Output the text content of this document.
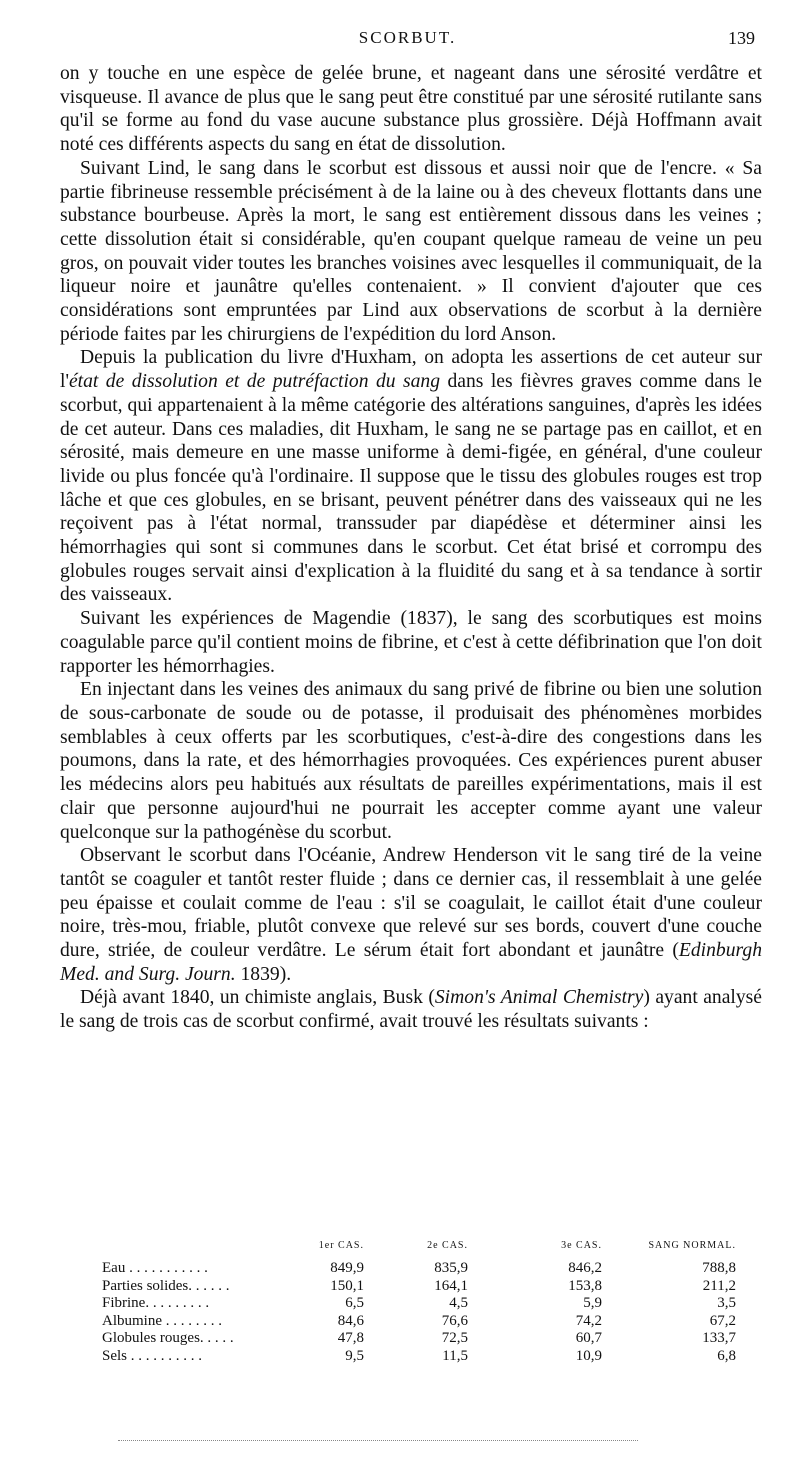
SCORBUT.	139

on y touche en une espèce de gelée brune, et nageant dans une sérosité verdâtre et visqueuse. Il avance de plus que le sang peut être constitué par une sérosité rutilante sans qu'il se forme au fond du vase aucune substance plus grossière. Déjà Hoffmann avait noté ces différents aspects du sang en état de dissolution.

Suivant Lind, le sang dans le scorbut est dissous et aussi noir que de l'encre. « Sa partie fibrineuse ressemble précisément à de la laine ou à des cheveux flottants dans une substance bourbeuse. Après la mort, le sang est entièrement dissous dans les veines ; cette dissolution était si considérable, qu'en coupant quelque rameau de veine un peu gros, on pouvait vider toutes les branches voisines avec lesquelles il communiquait, de la liqueur noire et jaunâtre qu'elles contenaient. » Il convient d'ajouter que ces considérations sont empruntées par Lind aux observations de scorbut à la dernière période faites par les chirurgiens de l'expédition du lord Anson.

Depuis la publication du livre d'Huxham, on adopta les assertions de cet auteur sur l'état de dissolution et de putréfaction du sang dans les fièvres graves comme dans le scorbut, qui appartenaient à la même catégorie des altérations sanguines, d'après les idées de cet auteur. Dans ces maladies, dit Huxham, le sang ne se partage pas en caillot, et en sérosité, mais demeure en une masse uniforme à demi-figée, en général, d'une couleur livide ou plus foncée qu'à l'ordinaire. Il suppose que le tissu des globules rouges est trop lâche et que ces globules, en se brisant, peuvent pénétrer dans des vaisseaux qui ne les reçoivent pas à l'état normal, transsuder par diapédèse et déterminer ainsi les hémorrhagies qui sont si communes dans le scorbut. Cet état brisé et corrompu des globules rouges servait ainsi d'explication à la fluidité du sang et à sa tendance à sortir des vaisseaux.

Suivant les expériences de Magendie (1837), le sang des scorbutiques est moins coagulable parce qu'il contient moins de fibrine, et c'est à cette défibrination que l'on doit rapporter les hémorrhagies.

En injectant dans les veines des animaux du sang privé de fibrine ou bien une solution de sous-carbonate de soude ou de potasse, il produisait des phénomènes morbides semblables à ceux offerts par les scorbutiques, c'est-à-dire des congestions dans les poumons, dans la rate, et des hémorrhagies provoquées. Ces expériences purent abuser les médecins alors peu habitués aux résultats de pareilles expérimentations, mais il est clair que personne aujourd'hui ne pourrait les accepter comme ayant une valeur quelconque sur la pathogénèse du scorbut.

Observant le scorbut dans l'Océanie, Andrew Henderson vit le sang tiré de la veine tantôt se coaguler et tantôt rester fluide ; dans ce dernier cas, il ressemblait à une gelée peu épaisse et coulait comme de l'eau : s'il se coagulait, le caillot était d'une couleur noire, très-mou, friable, plutôt convexe que relevé sur ses bords, couvert d'une couche dure, striée, de couleur verdâtre. Le sérum était fort abondant et jaunâtre (Edinburgh Med. and Surg. Journ. 1839).

Déjà avant 1840, un chimiste anglais, Busk (Simon's Animal Chemistry) ayant analysé le sang de trois cas de scorbut confirmé, avait trouvé les résultats suivants :

	1er CAS.	2e CAS.	3e CAS.	SANG NORMAL.
Eau . . . . . . . . . . .	849,9	835,9	846,2	788,8
Parties solides. . . . . .	150,1	164,1	153,8	211,2
Fibrine. . . . . . . . .	6,5	4,5	5,9	3,5
Albumine . . . . . . . .	84,6	76,6	74,2	67,2
Globules rouges. . . . .	47,8	72,5	60,7	133,7
Sels . . . . . . . . . .	9,5	11,5	10,9	6,8
